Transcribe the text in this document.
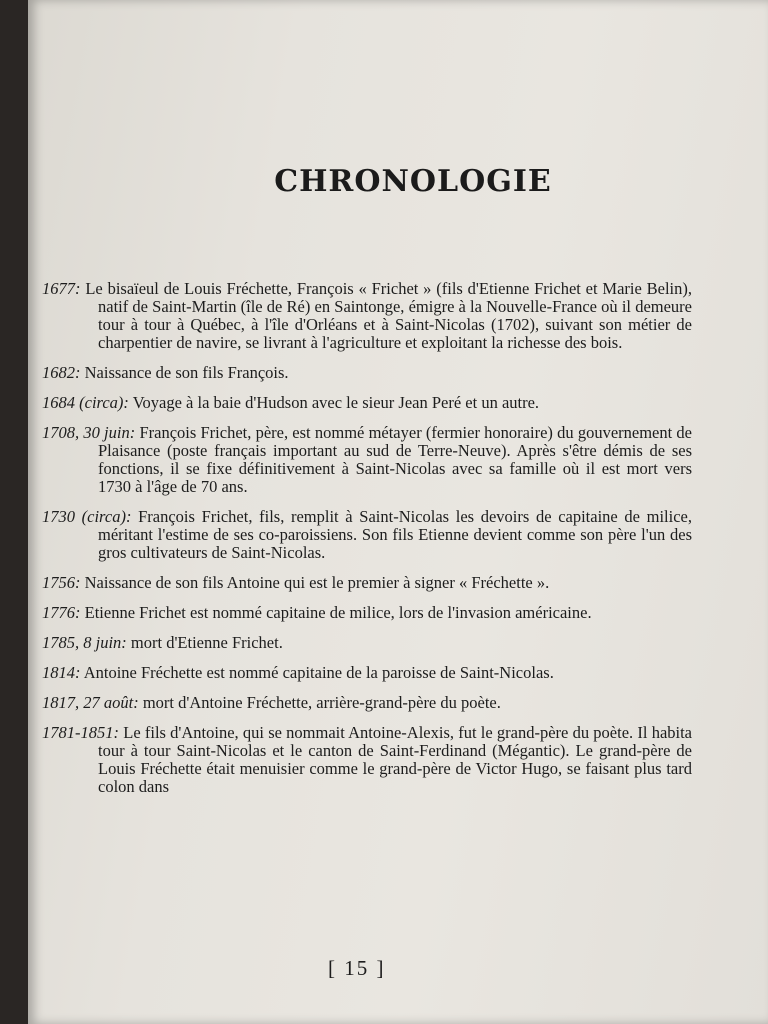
CHRONOLOGIE

1677: Le bisaïeul de Louis Fréchette, François « Frichet » (fils d'Etienne Frichet et Marie Belin), natif de Saint-Martin (île de Ré) en Saintonge, émigre à la Nouvelle-France où il demeure tour à tour à Québec, à l'île d'Orléans et à Saint-Nicolas (1702), suivant son métier de charpentier de navire, se livrant à l'agriculture et exploitant la richesse des bois.

1682: Naissance de son fils François.

1684 (circa): Voyage à la baie d'Hudson avec le sieur Jean Peré et un autre.

1708, 30 juin: François Frichet, père, est nommé métayer (fermier honoraire) du gouvernement de Plaisance (poste français important au sud de Terre-Neuve). Après s'être démis de ses fonctions, il se fixe définitivement à Saint-Nicolas avec sa famille où il est mort vers 1730 à l'âge de 70 ans.

1730 (circa): François Frichet, fils, remplit à Saint-Nicolas les devoirs de capitaine de milice, méritant l'estime de ses co-paroissiens. Son fils Etienne devient comme son père l'un des gros cultivateurs de Saint-Nicolas.

1756: Naissance de son fils Antoine qui est le premier à signer « Fréchette ».

1776: Etienne Frichet est nommé capitaine de milice, lors de l'invasion américaine.

1785, 8 juin: mort d'Etienne Frichet.

1814: Antoine Fréchette est nommé capitaine de la paroisse de Saint-Nicolas.

1817, 27 août: mort d'Antoine Fréchette, arrière-grand-père du poète.

1781-1851: Le fils d'Antoine, qui se nommait Antoine-Alexis, fut le grand-père du poète. Il habita tour à tour Saint-Nicolas et le canton de Saint-Ferdinand (Mégantic). Le grand-père de Louis Fréchette était menuisier comme le grand-père de Victor Hugo, se faisant plus tard colon dans

[ 15 ]
